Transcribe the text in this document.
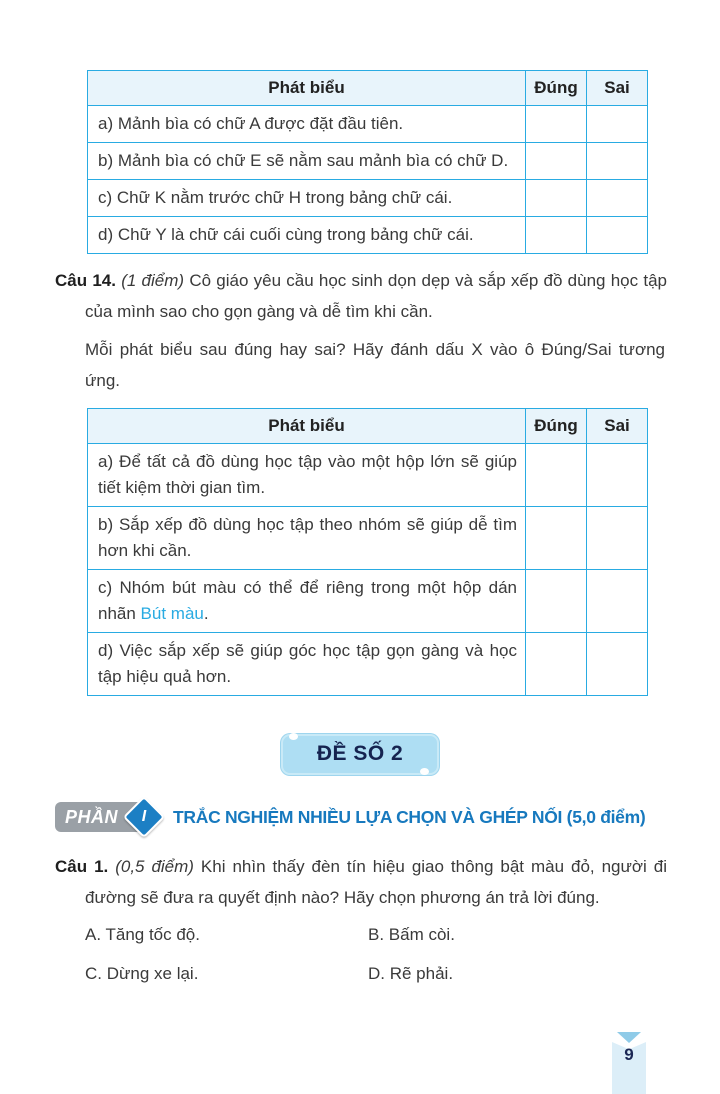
Phát biểu	Đúng	Sai
a) Mảnh bìa có chữ A được đặt đầu tiên.		
b) Mảnh bìa có chữ E sẽ nằm sau mảnh bìa có chữ D.		
c) Chữ K nằm trước chữ H trong bảng chữ cái.		
d) Chữ Y là chữ cái cuối cùng trong bảng chữ cái.		

Câu 14. (1 điểm) Cô giáo yêu cầu học sinh dọn dẹp và sắp xếp đồ dùng học tập của mình sao cho gọn gàng và dễ tìm khi cần.

Mỗi phát biểu sau đúng hay sai? Hãy đánh dấu X vào ô Đúng/Sai tương ứng.

Phát biểu	Đúng	Sai
a) Để tất cả đồ dùng học tập vào một hộp lớn sẽ giúp tiết kiệm thời gian tìm.		
b) Sắp xếp đồ dùng học tập theo nhóm sẽ giúp dễ tìm hơn khi cần.		
c) Nhóm bút màu có thể để riêng trong một hộp dán nhãn Bút màu.		
d) Việc sắp xếp sẽ giúp góc học tập gọn gàng và học tập hiệu quả hơn.		
ĐỀ SỐ 2
PHẦN I TRẮC NGHIỆM NHIỀU LỰA CHỌN VÀ GHÉP NỐI (5,0 điểm)

Câu 1. (0,5 điểm) Khi nhìn thấy đèn tín hiệu giao thông bật màu đỏ, người đi đường sẽ đưa ra quyết định nào? Hãy chọn phương án trả lời đúng.

A. Tăng tốc độ.	B. Bấm còi.
C. Dừng xe lại.	D. Rẽ phải.
9
